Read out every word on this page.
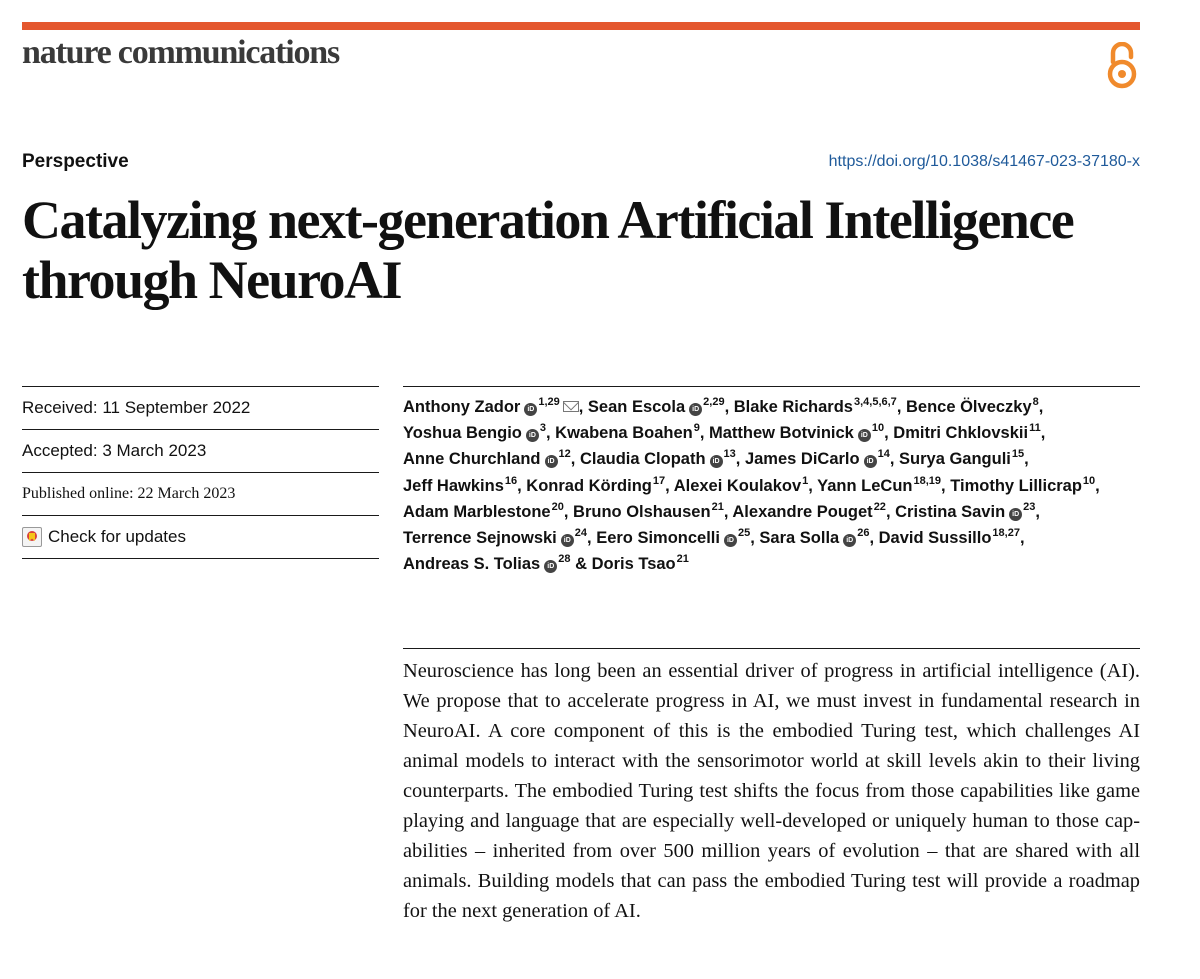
nature communications
Perspective	https://doi.org/10.1038/s41467-023-37180-x
Catalyzing next-generation Artificial Intelligence through NeuroAI
Received: 11 September 2022
Accepted: 3 March 2023
Published online: 22 March 2023
Check for updates

Anthony Zador iD$^{1,29}$ , Sean Escola iD$^{2,29}$, Blake Richards$^{3,4,5,6,7}$, Bence Ölveczky$^8$, Yoshua Bengio $iD^3$, Kwabena Boahen$^9$, Matthew Botvinick $iD^{10}$, Dmitri Chklovskii$^{11}$, Anne Churchland $iD^{12}$, Claudia Clopath $iD^{13}$, James DiCarlo $iD^{14}$, Surya Ganguli$^{15}$, Jeff Hawkins$^{16}$, Konrad Körding$^{17}$, Alexei Koulakov$^1$, Yann LeCun$^{18,19}$, Timothy Lillicrap$^{10}$, Adam Marblestone$^{20}$, Bruno Olshausen$^{21}$, Alexandre Pouget$^{22}$, Cristina Savin $iD^{23}$, Terrence Sejnowski $iD^{24}$, Eero Simoncelli $iD^{25}$, Sara Solla $iD^{26}$, David Sussillo$^{18,27}$, Andreas S. Tolias $iD^{28}$ & Doris Tsao$^{21}$

Neuroscience has long been an essential driver of progress in artificial intelligence (AI). We propose that to accelerate progress in AI, we must invest in fundamental research in NeuroAI. A core component of this is the embodied Turing test, which challenges AI animal models to interact with the sensorimotor world at skill levels akin to their living counterparts. The embodied Turing test shifts the focus from those capabilities like game playing and language that are especially well-developed or uniquely human to those capabilities – inherited from over 500 million years of evolution – that are shared with all animals. Building models that can pass the embodied Turing test will provide a roadmap for the next generation of AI.
